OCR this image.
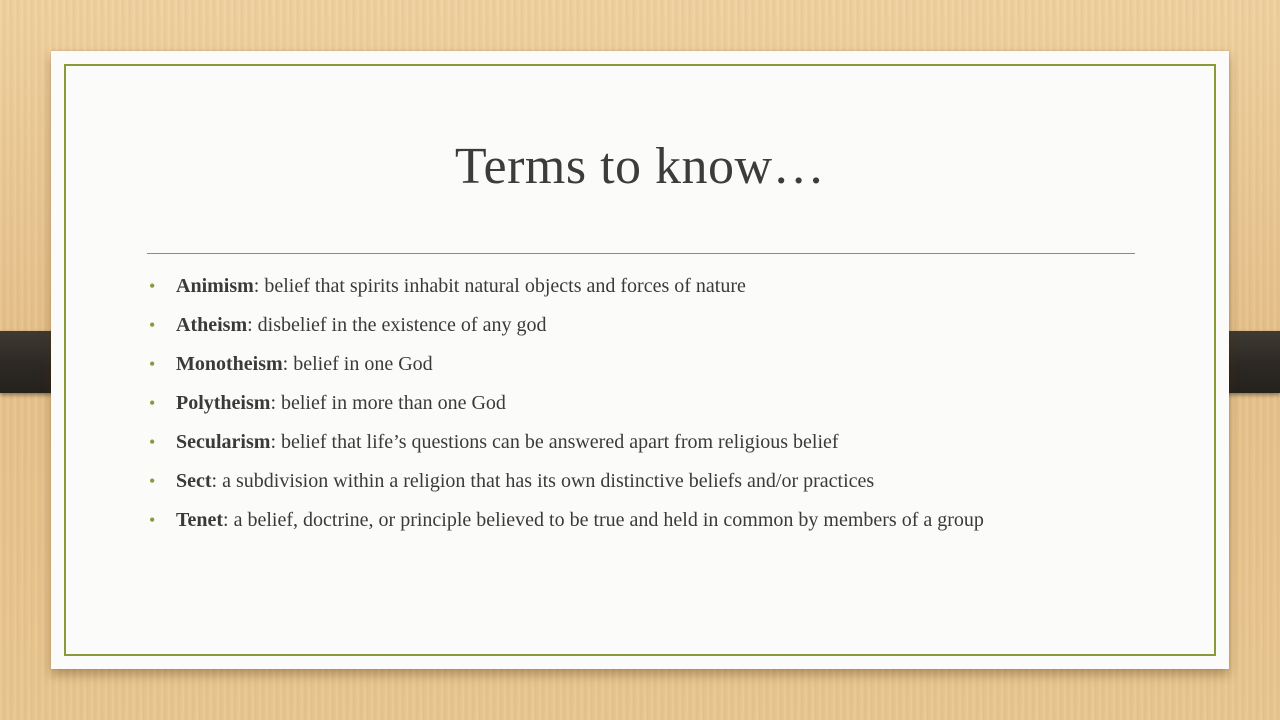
Terms to know…
• Animism: belief that spirits inhabit natural objects and forces of nature
• Atheism: disbelief in the existence of any god
• Monotheism: belief in one God
• Polytheism: belief in more than one God
• Secularism: belief that life’s questions can be answered apart from religious belief
• Sect: a subdivision within a religion that has its own distinctive beliefs and/or practices
• Tenet: a belief, doctrine, or principle believed to be true and held in common by members of a group
